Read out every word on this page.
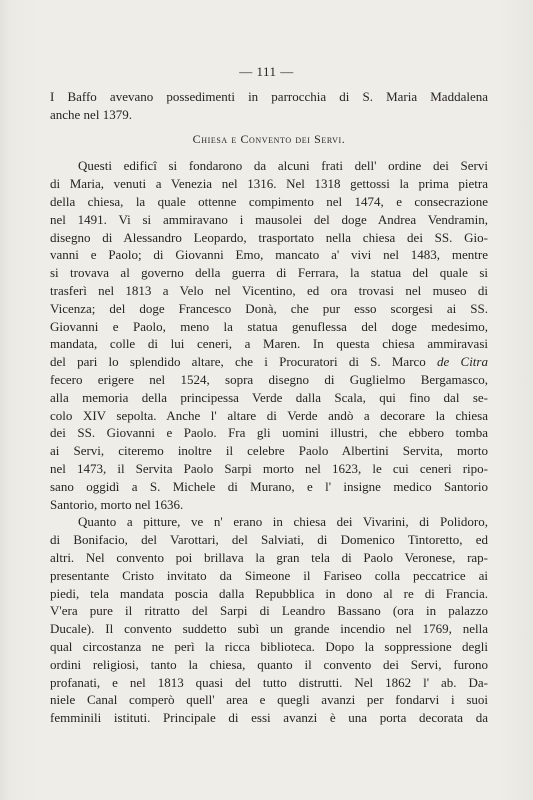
— 111 —
I Baffo avevano possedimenti in parrocchia di S. Maria Maddalena
anche nel 1379.
Chiesa e Convento dei Servi.
Questi edificî si fondarono da alcuni frati dell' ordine dei Servi
di Maria, venuti a Venezia nel 1316. Nel 1318 gettossi la prima pietra
della chiesa, la quale ottenne compimento nel 1474, e consecrazione
nel 1491. Vi si ammiravano i mausolei del doge Andrea Vendramin,
disegno di Alessandro Leopardo, trasportato nella chiesa dei SS. Gio-
vanni e Paolo; di Giovanni Emo, mancato a' vivi nel 1483, mentre
si trovava al governo della guerra di Ferrara, la statua del quale si
trasferì nel 1813 a Velo nel Vicentino, ed ora trovasi nel museo di
Vicenza; del doge Francesco Donà, che pur esso scorgesi ai SS.
Giovanni e Paolo, meno la statua genuflessa del doge medesimo,
mandata, colle di lui ceneri, a Maren. In questa chiesa ammiravasi
del pari lo splendido altare, che i Procuratori di S. Marco de Citra
fecero erigere nel 1524, sopra disegno di Guglielmo Bergamasco,
alla memoria della principessa Verde dalla Scala, qui fino dal se-
colo XIV sepolta. Anche l' altare di Verde andò a decorare la chiesa
dei SS. Giovanni e Paolo. Fra gli uomini illustri, che ebbero tomba
ai Servi, citeremo inoltre il celebre Paolo Albertini Servita, morto
nel 1473, il Servita Paolo Sarpi morto nel 1623, le cui ceneri ripo-
sano oggidì a S. Michele di Murano, e l' insigne medico Santorio
Santorio, morto nel 1636.
Quanto a pitture, ve n' erano in chiesa dei Vivarini, di Polidoro,
di Bonifacio, del Varottari, del Salviati, di Domenico Tintoretto, ed
altri. Nel convento poi brillava la gran tela di Paolo Veronese, rap-
presentante Cristo invitato da Simeone il Fariseo colla peccatrice ai
piedi, tela mandata poscia dalla Repubblica in dono al re di Francia.
V'era pure il ritratto del Sarpi di Leandro Bassano (ora in palazzo
Ducale). Il convento suddetto subì un grande incendio nel 1769, nella
qual circostanza ne perì la ricca biblioteca. Dopo la soppressione degli
ordini religiosi, tanto la chiesa, quanto il convento dei Servi, furono
profanati, e nel 1813 quasi del tutto distrutti. Nel 1862 l' ab. Da-
niele Canal comperò quell' area e quegli avanzi per fondarvi i suoi
femminili istituti. Principale di essi avanzi è una porta decorata da
